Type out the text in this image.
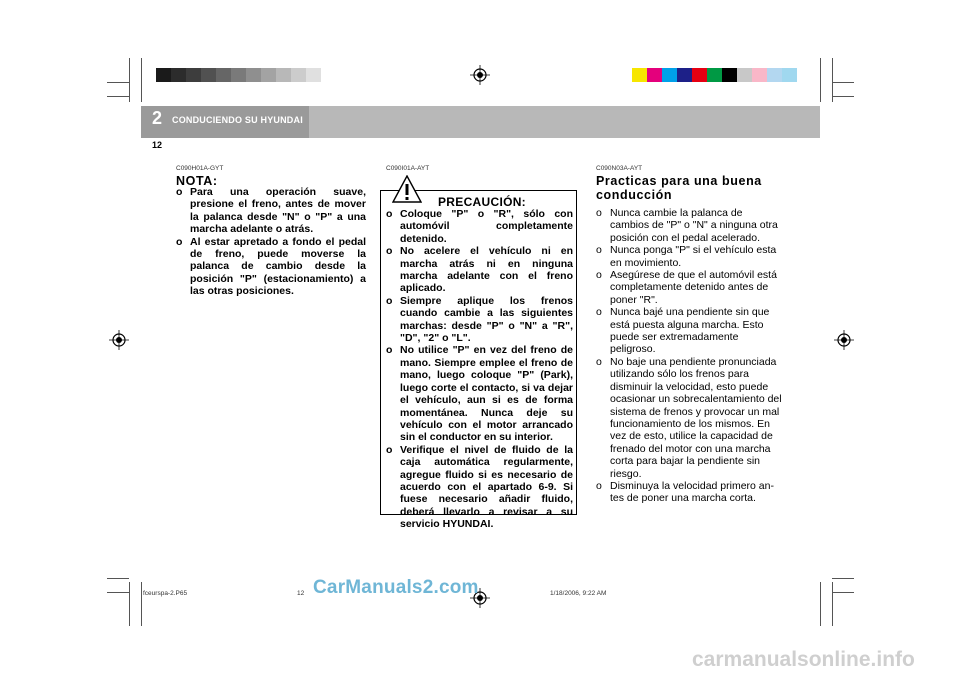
2 CONDUCIENDO SU HYUNDAI
12
C090H01A-GYT
NOTA:
o Para una operación suave, presione el freno, antes de mover la palanca desde "N" o "P" a una marcha adelante o atrás.
o Al estar apretado a fondo el pedal de freno, puede moverse la palanca de cambio desde la posición "P" (estacionamiento) a las otras posiciones.
C090I01A-AYT
PRECAUCIÓN:
o Coloque "P" o "R", sólo con automóvil completamente detenido.
o No acelere el vehículo ni en marcha atrás ni en ninguna marcha adelante con el freno aplicado.
o Siempre aplique los frenos cuando cambie a las siguientes marchas: desde "P" o "N" a "R", "D", "2" o "L".
o No utilice "P" en vez del freno de mano. Siempre emplee el freno de mano, luego coloque "P" (Park), luego corte el contacto, si va dejar el vehículo, aun si es de forma momentánea. Nunca deje su vehículo con el motor arrancado sin el conductor en su interior.
o Verifique el nivel de fluido de la caja automática regularmente, agregue fluido si es necesario de acuerdo con el apartado 6-9. Si fuese necesario añadir fluido, deberá llevarlo a revisar a su servicio HYUNDAI.
C090N03A-AYT
Practicas para una buena conducción
o Nunca cambie la palanca de cambios de "P" o "N" a ninguna otra posición con el pedal acelerado.
o Nunca ponga "P" si el vehículo esta en movimiento.
o Asegúrese de que el automóvil está completamente detenido antes de poner "R".
o Nunca bajé una pendiente sin que está puesta alguna marcha. Esto puede ser extremadamente peligroso.
o No baje una pendiente pronunciada utilizando sólo los frenos para disminuir la velocidad, esto puede ocasionar un sobrecalentamiento del sistema de frenos y provocar un mal funcionamiento de los mismos. En vez de esto, utilice la capacidad de frenado del motor con una marcha corta para bajar la pendiente sin riesgo.
o Disminuya la velocidad primero an- tes de poner una marcha corta.
fceurspa-2.P65	12	1/18/2006, 9:22 AM
CarManuals2.com
carmanualsonline.info
